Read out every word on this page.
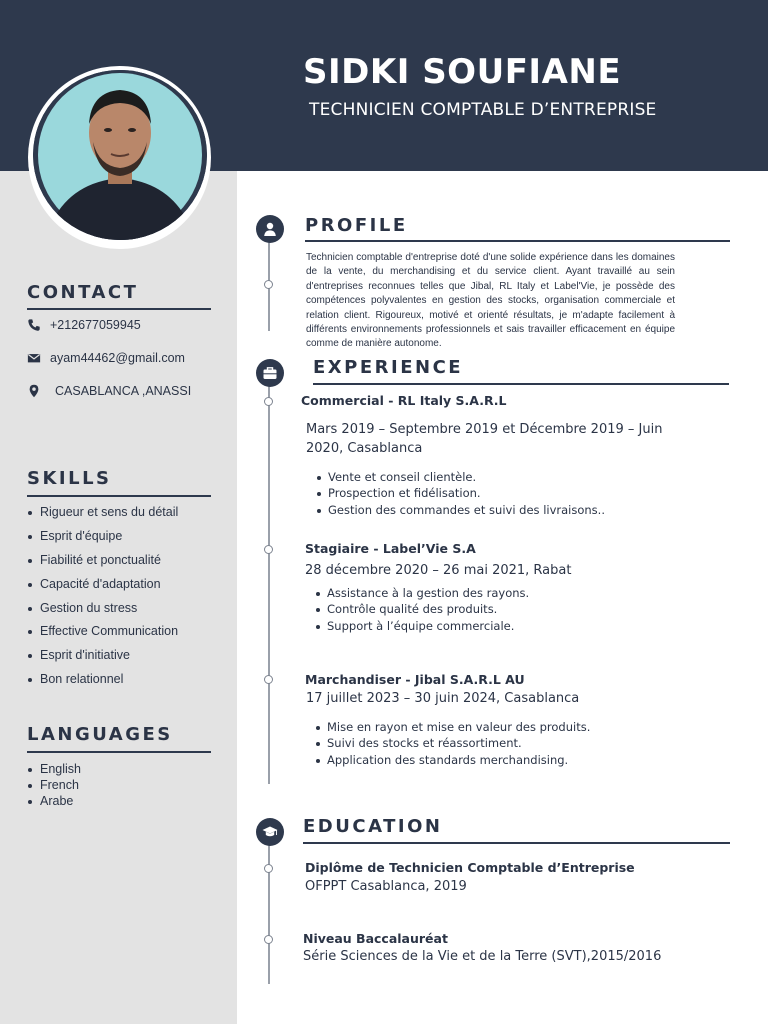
SIDKI SOUFIANE
TECHNICIEN COMPTABLE D’ENTREPRISE
CONTACT
+212677059945
ayam44462@gmail.com
CASABLANCA ,ANASSI
SKILLS
Rigueur et sens du détail
Esprit d'équipe
Fiabilité et ponctualité
Capacité d'adaptation
Gestion du stress
Effective Communication
Esprit d'initiative
Bon relationnel
LANGUAGES
English
French
Arabe
PROFILE
Technicien comptable d'entreprise doté d'une solide expérience dans les domaines de la vente, du merchandising et du service client. Ayant travaillé au sein d'entreprises reconnues telles que Jibal, RL Italy et Label'Vie, je possède des compétences polyvalentes en gestion des stocks, organisation commerciale et relation client. Rigoureux, motivé et orienté résultats, je m'adapte facilement à différents environnements professionnels et sais travailler efficacement en équipe comme de manière autonome.
EXPERIENCE
Commercial - RL Italy S.A.R.L
Mars 2019 – Septembre 2019 et Décembre 2019 – Juin 2020, Casablanca
Vente et conseil clientèle.
Prospection et fidélisation.
Gestion des commandes et suivi des livraisons..
Stagiaire - Label’Vie S.A
28 décembre 2020 – 26 mai 2021, Rabat
Assistance à la gestion des rayons.
Contrôle qualité des produits.
Support à l’équipe commerciale.
Marchandiser - Jibal S.A.R.L AU
17 juillet 2023 – 30 juin 2024, Casablanca
Mise en rayon et mise en valeur des produits.
Suivi des stocks et réassortiment.
Application des standards merchandising.
EDUCATION
Diplôme de Technicien Comptable d’Entreprise
OFPPT Casablanca, 2019
Niveau Baccalauréat
Série Sciences de la Vie et de la Terre (SVT),2015/2016
